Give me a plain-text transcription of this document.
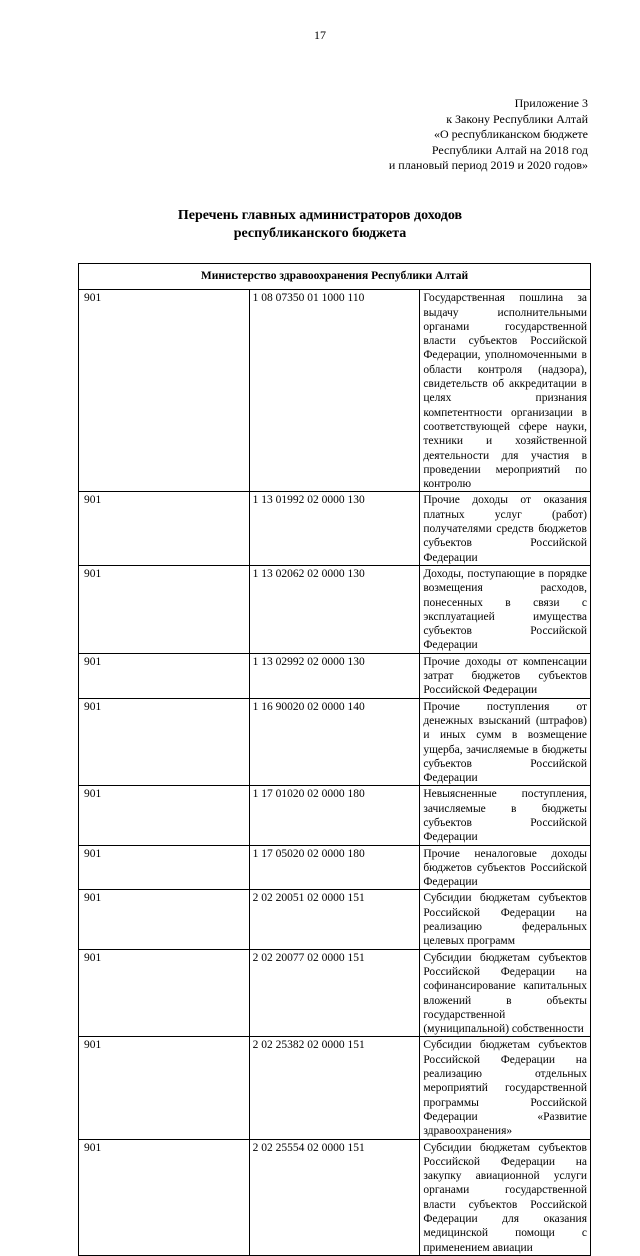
17
Приложение 3
к Закону Республики Алтай
«О республиканском бюджете
Республики Алтай на 2018 год
и плановый период 2019 и 2020 годов»
Перечень главных администраторов доходов
республиканского бюджета
Министерство здравоохранения Республики Алтай		
901	1 08 07350 01 1000 110	Государственная пошлина за выдачу исполнительными органами государственной власти субъектов Российской Федерации, уполномоченными в области контроля (надзора), свидетельств об аккредитации в целях признания компетентности организации в соответствующей сфере науки, техники и хозяйственной деятельности для участия в проведении мероприятий по контролю
901	1 13 01992 02 0000 130	Прочие доходы от оказания платных услуг (работ) получателями средств бюджетов субъектов Российской Федерации
901	1 13 02062 02 0000 130	Доходы, поступающие в порядке возмещения расходов, понесенных в связи с эксплуатацией имущества субъектов Российской Федерации
901	1 13 02992 02 0000 130	Прочие доходы от компенсации затрат бюджетов субъектов Российской Федерации
901	1 16 90020 02 0000 140	Прочие поступления от денежных взысканий (штрафов) и иных сумм в возмещение ущерба, зачисляемые в бюджеты субъектов Российской Федерации
901	1 17 01020 02 0000 180	Невыясненные поступления, зачисляемые в бюджеты субъектов Российской Федерации
901	1 17 05020 02 0000 180	Прочие неналоговые доходы бюджетов субъектов Российской Федерации
901	2 02 20051 02 0000 151	Субсидии бюджетам субъектов Российской Федерации на реализацию федеральных целевых программ
901	2 02 20077 02 0000 151	Субсидии бюджетам субъектов Российской Федерации на софинансирование капитальных вложений в объекты государственной (муниципальной) собственности
901	2 02 25382 02 0000 151	Субсидии бюджетам субъектов Российской Федерации на реализацию отдельных мероприятий государственной программы Российской Федерации «Развитие здравоохранения»
901	2 02 25554 02 0000 151	Субсидии бюджетам субъектов Российской Федерации на закупку авиационной услуги органами государственной власти субъектов Российской Федерации для оказания медицинской помощи с применением авиации
